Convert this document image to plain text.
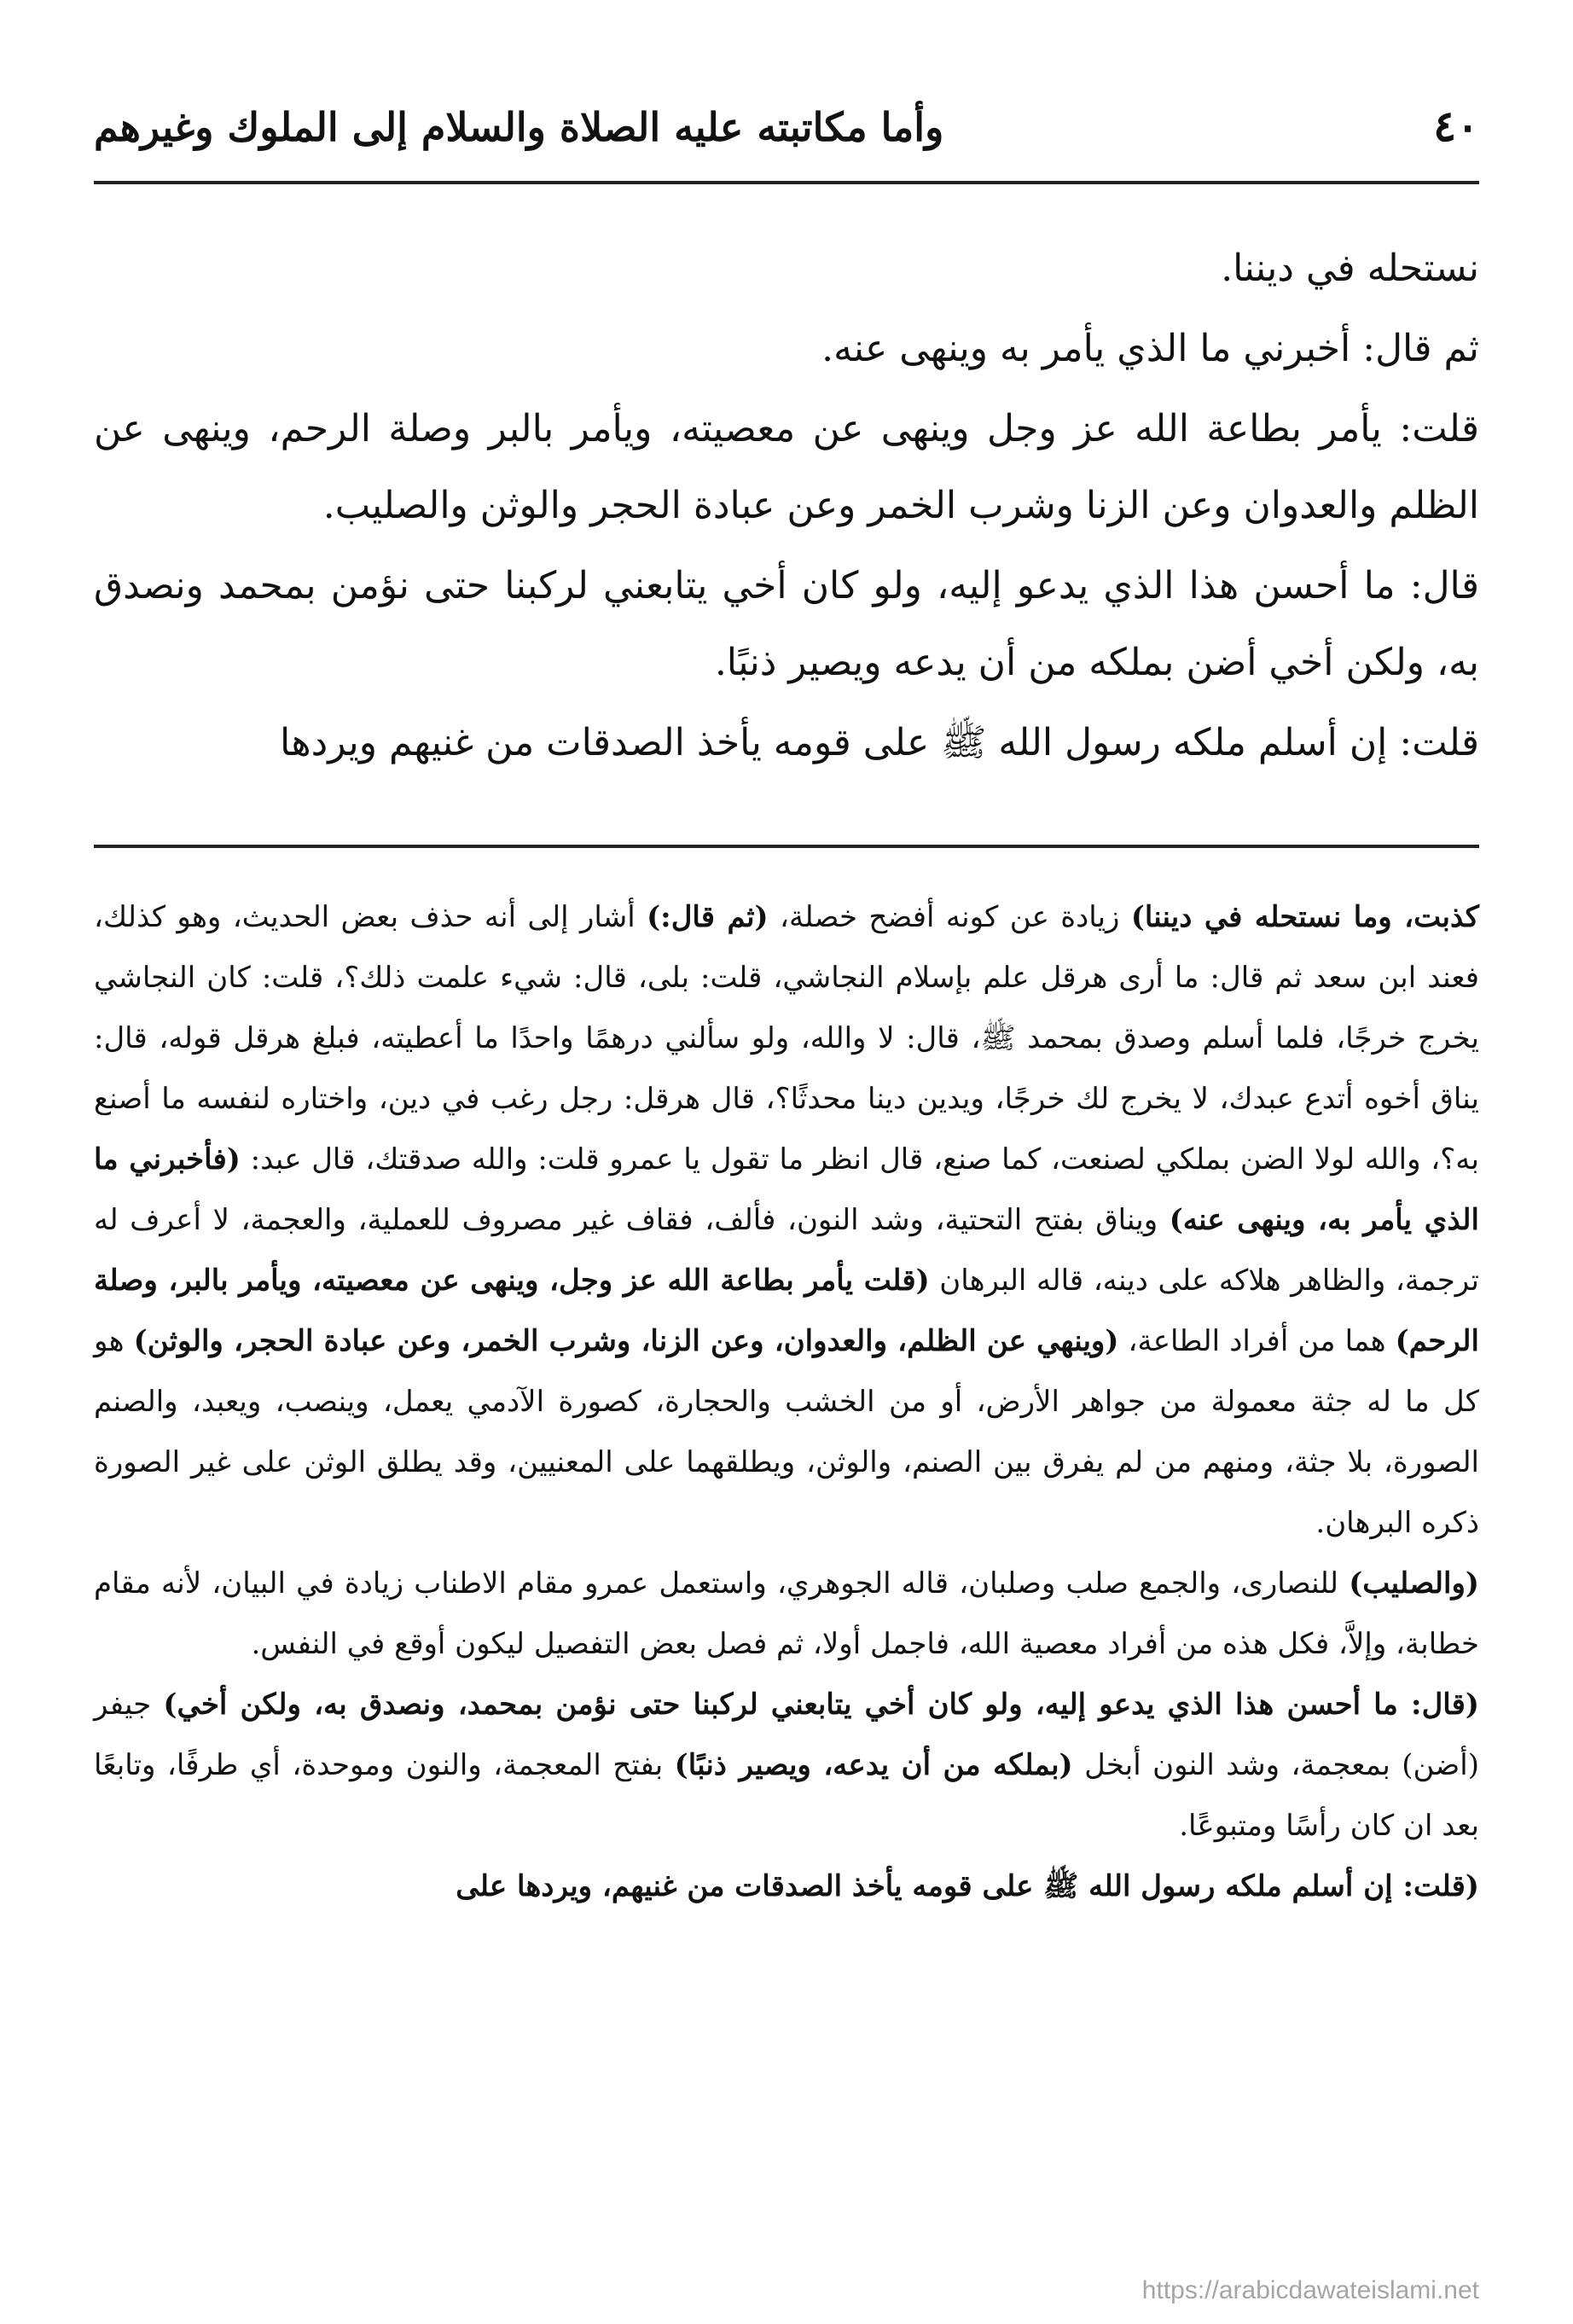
٤٠
وأما مكاتبته عليه الصلاة والسلام إلى الملوك وغيرهم

نستحله في ديننا.

ثم قال: أخبرني ما الذي يأمر به وينهى عنه.

قلت: يأمر بطاعة الله عز وجل وينهى عن معصيته، ويأمر بالبر وصلة الرحم، وينهى عن الظلم والعدوان وعن الزنا وشرب الخمر وعن عبادة الحجر والوثن والصليب.

قال: ما أحسن هذا الذي يدعو إليه، ولو كان أخي يتابعني لركبنا حتى نؤمن بمحمد ونصدق به، ولكن أخي أضن بملكه من أن يدعه ويصير ذنبًا.

قلت: إن أسلم ملكه رسول الله ﷺ على قومه يأخذ الصدقات من غنيهم ويردها

كذبت، وما نستحله في ديننا) زيادة عن كونه أفضح خصلة، (ثم قال:) أشار إلى أنه حذف بعض الحديث، وهو كذلك، فعند ابن سعد ثم قال: ما أرى هرقل علم بإسلام النجاشي، قلت: بلى، قال: شيء علمت ذلك؟، قلت: كان النجاشي يخرج خرجًا، فلما أسلم وصدق بمحمد ﷺ، قال: لا والله، ولو سألني درهمًا واحدًا ما أعطيته، فبلغ هرقل قوله، قال: يناق أخوه أتدع عبدك، لا يخرج لك خرجًا، ويدين دينا محدثًا؟، قال هرقل: رجل رغب في دين، واختاره لنفسه ما أصنع به؟، والله لولا الضن بملكي لصنعت، كما صنع، قال انظر ما تقول يا عمرو قلت: والله صدقتك، قال عبد: (فأخبرني ما الذي يأمر به، وينهى عنه) ويناق بفتح التحتية، وشد النون، فألف، فقاف غير مصروف للعملية، والعجمة، لا أعرف له ترجمة، والظاهر هلاكه على دينه، قاله البرهان (قلت يأمر بطاعة الله عز وجل، وينهى عن معصيته، ويأمر بالبر، وصلة الرحم) هما من أفراد الطاعة، (وينهي عن الظلم، والعدوان، وعن الزنا، وشرب الخمر، وعن عبادة الحجر، والوثن) هو كل ما له جثة معمولة من جواهر الأرض، أو من الخشب والحجارة، كصورة الآدمي يعمل، وينصب، ويعبد، والصنم الصورة، بلا جثة، ومنهم من لم يفرق بين الصنم، والوثن، ويطلقهما على المعنيين، وقد يطلق الوثن على غير الصورة ذكره البرهان.

(والصليب) للنصارى، والجمع صلب وصلبان، قاله الجوهري، واستعمل عمرو مقام الاطناب زيادة في البيان، لأنه مقام خطابة، وإلاَّ، فكل هذه من أفراد معصية الله، فاجمل أولا، ثم فصل بعض التفصيل ليكون أوقع في النفس.

(قال: ما أحسن هذا الذي يدعو إليه، ولو كان أخي يتابعني لركبنا حتى نؤمن بمحمد، ونصدق به، ولكن أخي) جيفر (أضن) بمعجمة، وشد النون أبخل (بملكه من أن يدعه، ويصير ذنبًا) بفتح المعجمة، والنون وموحدة، أي طرفًا، وتابعًا بعد ان كان رأسًا ومتبوعًا.

(قلت: إن أسلم ملكه رسول الله ﷺ على قومه يأخذ الصدقات من غنيهم، ويردها على

https://arabicdawateislami.net
